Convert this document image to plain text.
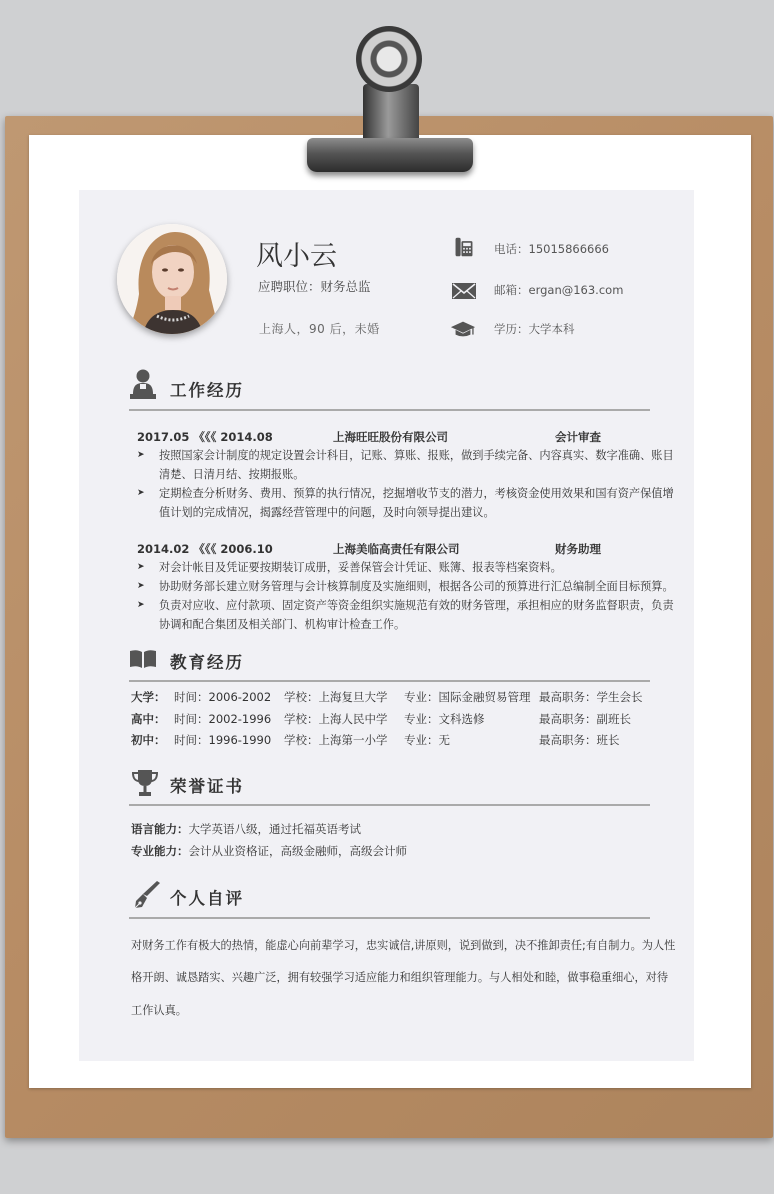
风小云
应聘职位：财务总监
上海人，90 后，未婚
电话：15015866666
邮箱：ergan@163.com
学历：大学本科
工作经历
2017.05 《《《 2014.08	上海旺旺股份有限公司	会计审查
➤ 按照国家会计制度的规定设置会计科目，记账、算账、报账，做到手续完备、内容真实、数字准确、账目
清楚、日清月结、按期报账。
➤ 定期检查分析财务、费用、预算的执行情况，挖掘增收节支的潜力，考核资金使用效果和国有资产保值增
值计划的完成情况，揭露经营管理中的问题，及时向领导提出建议。
2014.02 《《《 2006.10	上海美临高责任有限公司	财务助理
➤ 对会计帐目及凭证要按期装订成册，妥善保管会计凭证、账簿、报表等档案资料。
➤ 协助财务部长建立财务管理与会计核算制度及实施细则，根据各公司的预算进行汇总编制全面目标预算。
➤ 负责对应收、应付款项、固定资产等资金组织实施规范有效的财务管理，承担相应的财务监督职责，负责
协调和配合集团及相关部门、机构审计检查工作。
教育经历
大学： 时间：2006-2002 学校：上海复旦大学 专业：国际金融贸易管理 最高职务：学生会长
高中： 时间：2002-1996 学校：上海人民中学 专业：文科选修	最高职务：副班长
初中： 时间：1996-1990 学校：上海第一小学 专业：无	最高职务：班长
荣誉证书
语言能力：大学英语八级，通过托福英语考试
专业能力：会计从业资格证，高级金融师，高级会计师
个人自评
对财务工作有极大的热情，能虚心向前辈学习，忠实诚信,讲原则，说到做到，决不推卸责任;有自制力。为人性
格开朗、诚恳踏实、兴趣广泛，拥有较强学习适应能力和组织管理能力。与人相处和睦，做事稳重细心，对待
工作认真。
